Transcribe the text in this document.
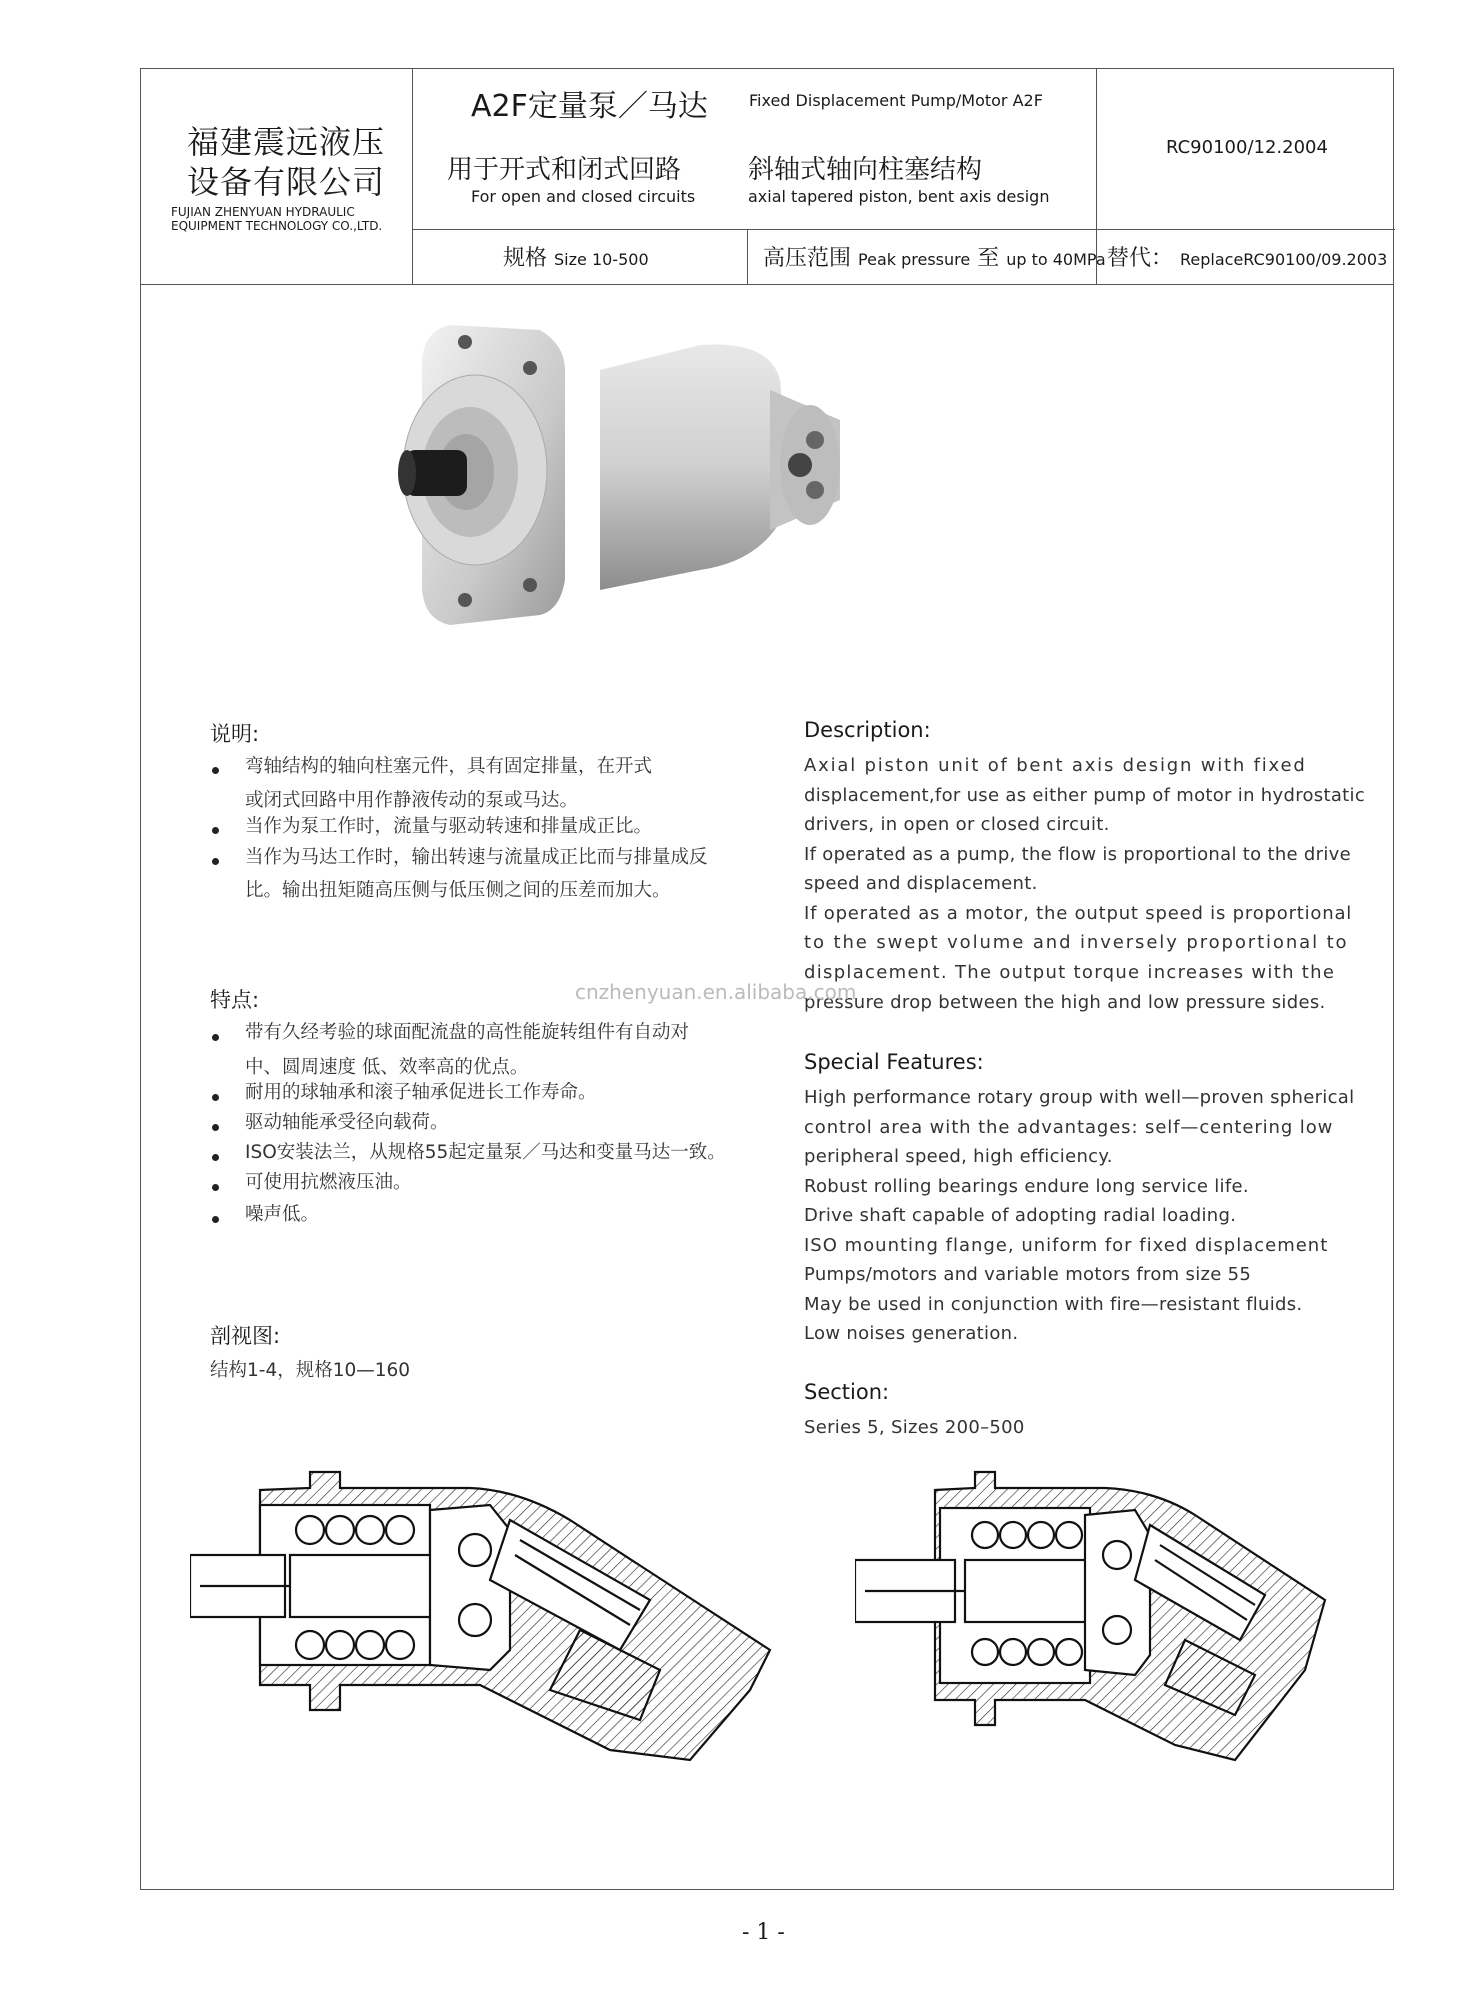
福建震远液压
设备有限公司
FUJIAN ZHENYUAN HYDRAULIC
EQUIPMENT TECHNOLOGY CO.,LTD.
A2F定量泵／马达	Fixed Displacement Pump/Motor A2F
用于开式和闭式回路
For open and closed circuits
斜轴式轴向柱塞结构
axial tapered piston, bent axis design
RC90100/12.2004
规格 Size 10-500	高压范围 Peak pressure 至 up to 40MPa 替代： ReplaceRC90100/09.2003
说明:
弯轴结构的轴向柱塞元件，具有固定排量，在开式
或闭式回路中用作静液传动的泵或马达。
当作为泵工作时，流量与驱动转速和排量成正比。
当作为马达工作时，输出转速与流量成正比而与排量成反
比。输出扭矩随高压侧与低压侧之间的压差而加大。
特点:
带有久经考验的球面配流盘的高性能旋转组件有自动对
中、圆周速度 低、效率高的优点。
耐用的球轴承和滚子轴承促进长工作寿命。
驱动轴能承受径向载荷。
ISO安装法兰，从规格55起定量泵／马达和变量马达一致。
可使用抗燃液压油。
噪声低。
剖视图:
结构1-4，规格10—160
Description:
Axial piston unit of bent axis design with fixed
displacement,for use as either pump of motor in hydrostatic
drivers, in open or closed circuit.
If operated as a pump, the flow is proportional to the drive
speed and displacement.
If operated as a motor, the output speed is proportional
to the swept volume and inversely proportional to
displacement. The output torque increases with the
pressure drop between the high and low pressure sides.
cnzhenyuan.en.alibaba.com
Special Features:
High performance rotary group with well—proven spherical
control area with the advantages: self—centering low
peripheral speed, high efficiency.
Robust rolling bearings endure long service life.
Drive shaft capable of adopting radial loading.
ISO mounting flange, uniform for fixed displacement
Pumps/motors and variable motors from size 55
May be used in conjunction with fire—resistant fluids.
Low noises generation.
Section:
Series 5, Sizes 200–500
- 1 -
